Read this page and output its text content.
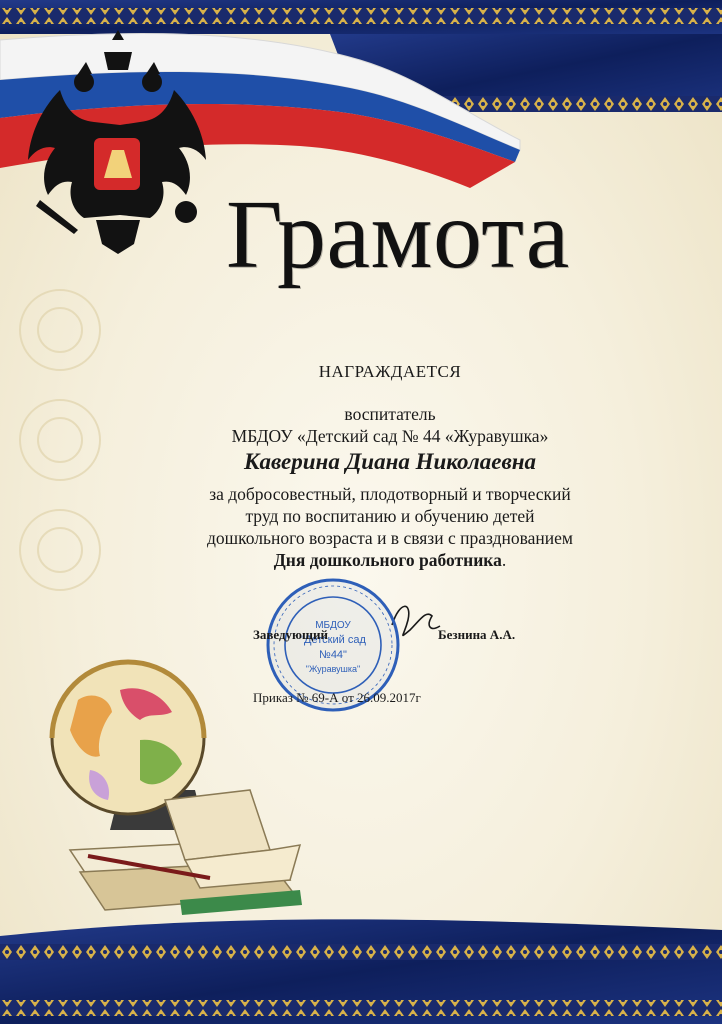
МБДОУ
"Детский сад
№44"
"Журавушка"
Грамота
НАГРАЖДАЕТСЯ
воспитатель
МБДОУ «Детский сад № 44 «Журавушка»
Каверина Диана Николаевна
за добросовестный, плодотворный и творческий
труд по воспитанию и обучению детей
дошкольного возраста и в связи с празднованием
Дня дошкольного работника.
Заведующий	Безнина А.А.
Приказ № 69-А от 26.09.2017г
